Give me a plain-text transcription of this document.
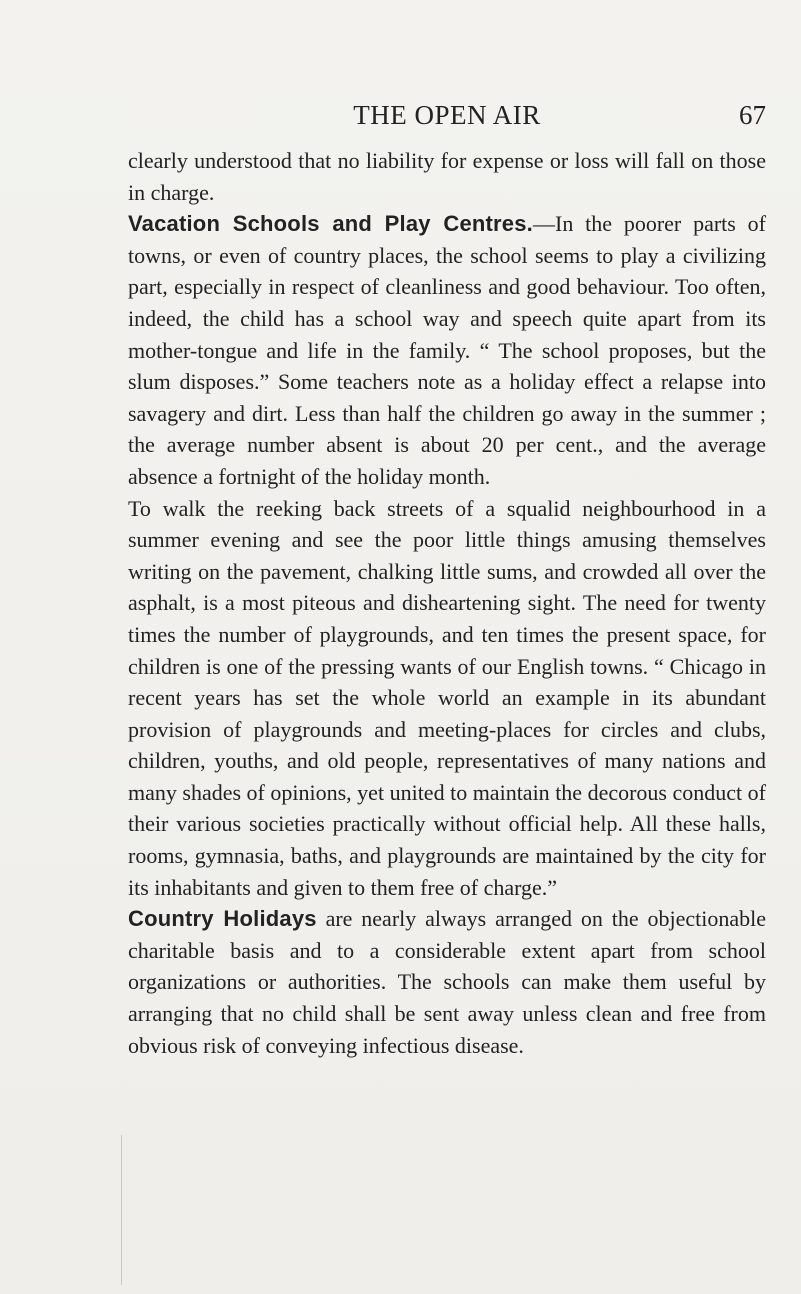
THE OPEN AIR	67

clearly understood that no liability for expense or loss will fall on those in charge.

Vacation Schools and Play Centres.—In the poorer parts of towns, or even of country places, the school seems to play a civilizing part, especially in respect of cleanliness and good behaviour. Too often, indeed, the child has a school way and speech quite apart from its mother-tongue and life in the family. “ The school proposes, but the slum disposes.” Some teachers note as a holiday effect a relapse into savagery and dirt. Less than half the children go away in the summer ; the average number absent is about 20 per cent., and the average absence a fortnight of the holiday month.

To walk the reeking back streets of a squalid neighbourhood in a summer evening and see the poor little things amusing themselves writing on the pavement, chalking little sums, and crowded all over the asphalt, is a most piteous and disheartening sight. The need for twenty times the number of playgrounds, and ten times the present space, for children is one of the pressing wants of our English towns. “ Chicago in recent years has set the whole world an example in its abundant provision of playgrounds and meeting-places for circles and clubs, children, youths, and old people, representatives of many nations and many shades of opinions, yet united to maintain the decorous conduct of their various societies practically without official help. All these halls, rooms, gymnasia, baths, and playgrounds are maintained by the city for its inhabitants and given to them free of charge.”

Country Holidays are nearly always arranged on the objectionable charitable basis and to a considerable extent apart from school organizations or authorities. The schools can make them useful by arranging that no child shall be sent away unless clean and free from obvious risk of conveying infectious disease.
